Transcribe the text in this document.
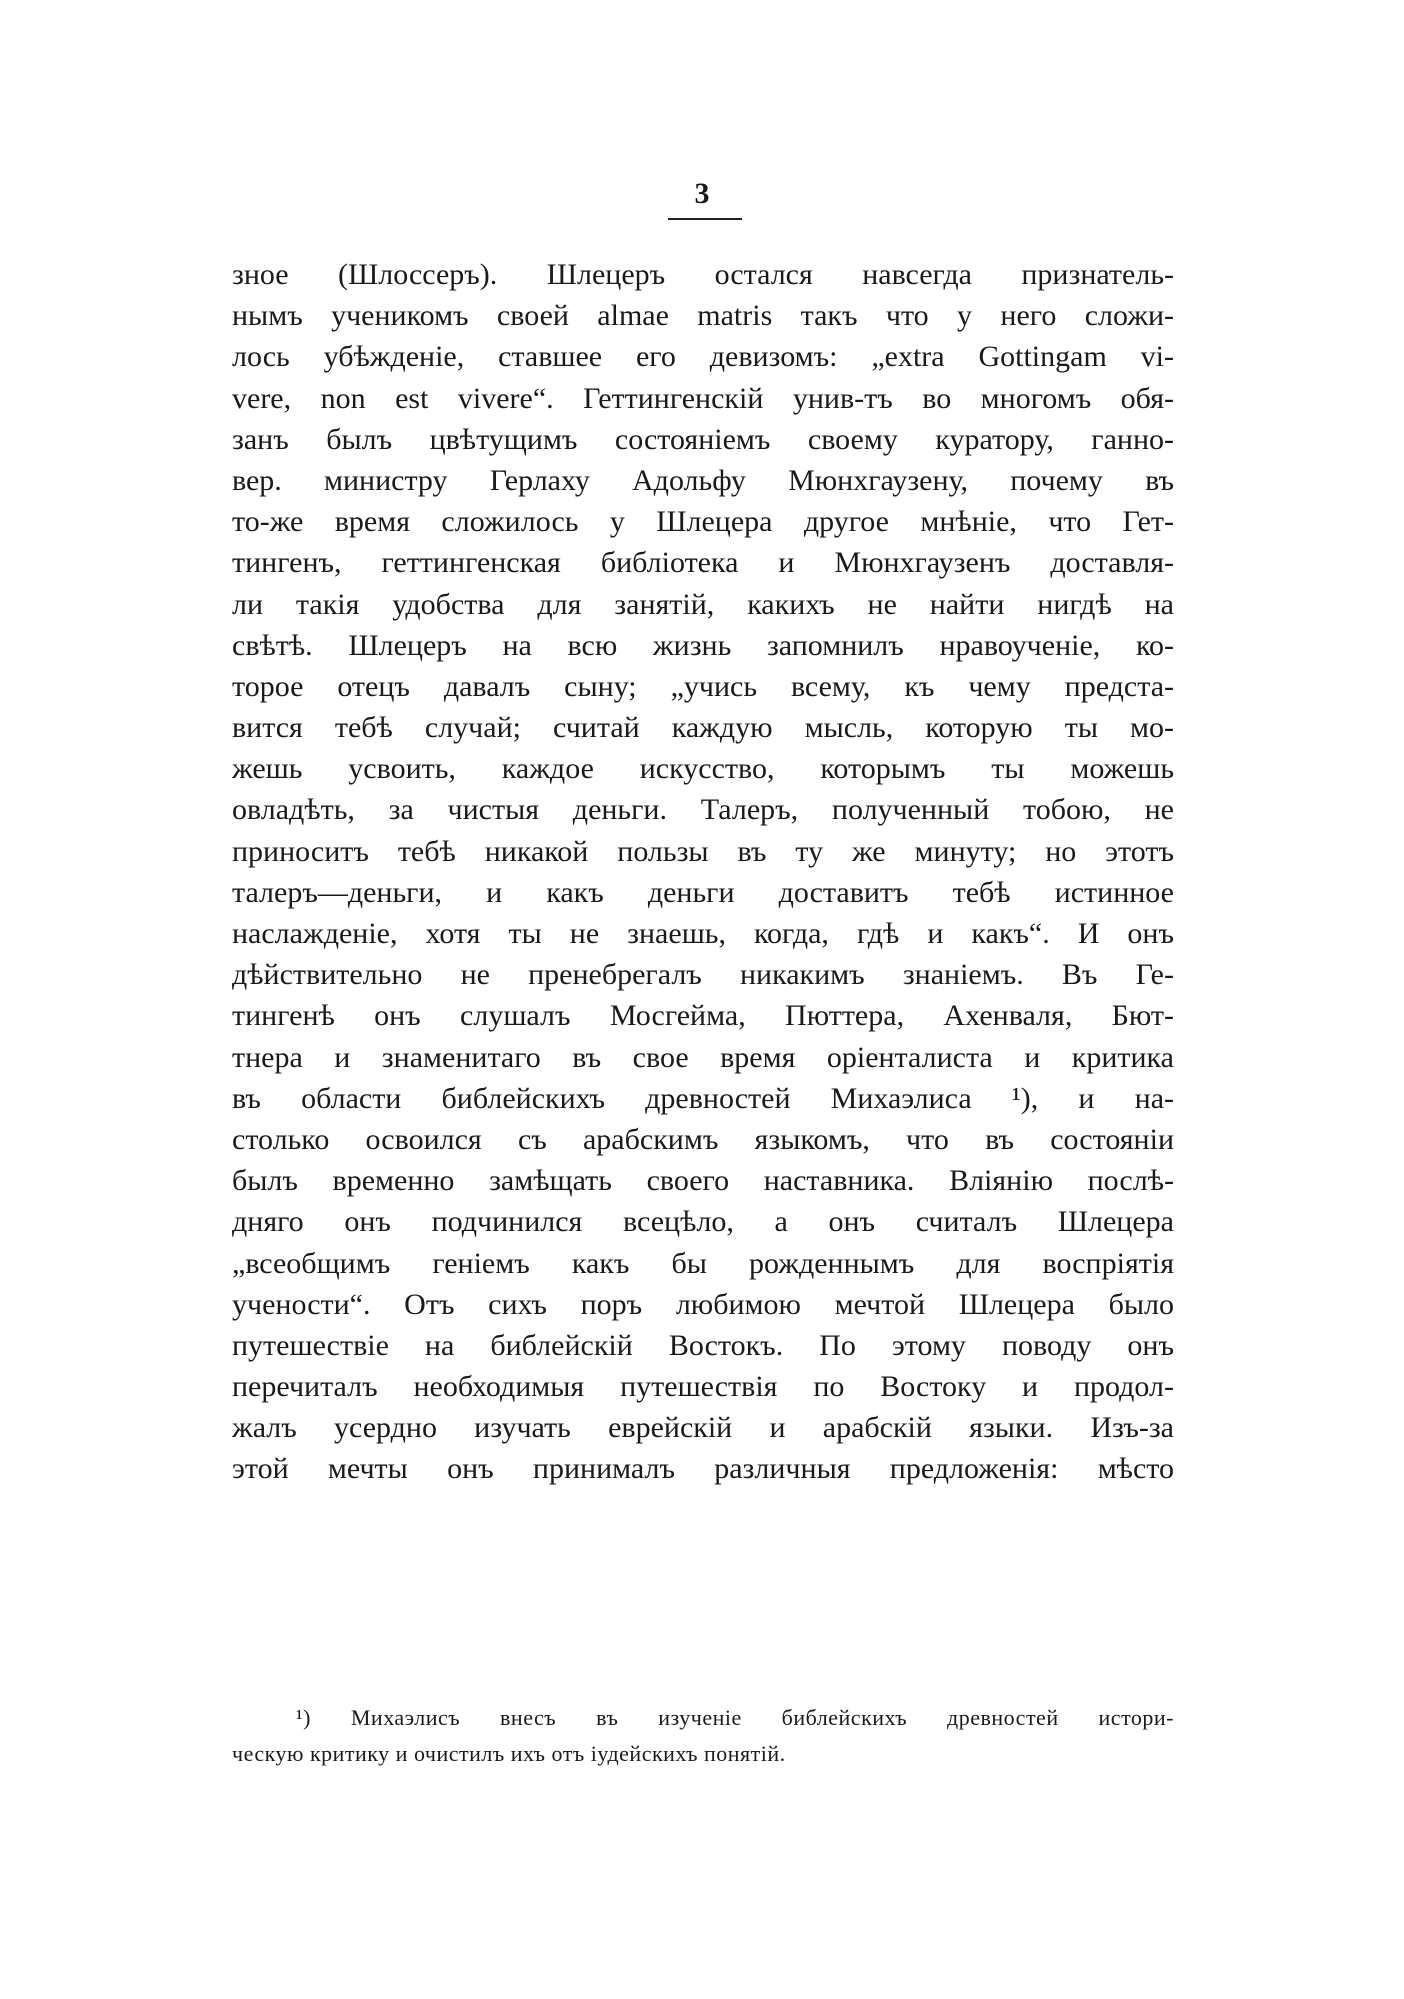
3
зное (Шлоссеръ). Шлецеръ остался навсегда признатель-
нымъ ученикомъ своей almae matris такъ что у него сложи-
лось убѣжденіе, ставшее его девизомъ: „extra Gottingam vi-
vere, non est vivere“. Геттингенскій унив-тъ во многомъ обя-
занъ былъ цвѣтущимъ состояніемъ своему куратору, ганно-
вер. министру Герлаху Адольфу Мюнхгаузену, почему въ
то-же время сложилось у Шлецера другое мнѣніе, что Гет-
тингенъ, геттингенская библіотека и Мюнхгаузенъ доставля-
ли такія удобства для занятій, какихъ не найти нигдѣ на
свѣтѣ. Шлецеръ на всю жизнь запомнилъ нравоученіе, ко-
торое отецъ давалъ сыну; „учись всему, къ чему предста-
вится тебѣ случай; считай каждую мысль, которую ты мо-
жешь усвоить, каждое искусство, которымъ ты можешь
овладѣть, за чистыя деньги. Талеръ, полученный тобою, не
приноситъ тебѣ никакой пользы въ ту же минуту; но этотъ
талеръ—деньги, и какъ деньги доставитъ тебѣ истинное
наслажденіе, хотя ты не знаешь, когда, гдѣ и какъ“. И онъ
дѣйствительно не пренебрегалъ никакимъ знаніемъ. Въ Ге-
тингенѣ онъ слушалъ Мосгейма, Пюттера, Ахенваля, Бют-
тнера и знаменитаго въ свое время оріенталиста и критика
въ области библейскихъ древностей Михаэлиса ¹), и на-
столько освоился съ арабскимъ языкомъ, что въ состояніи
былъ временно замѣщать своего наставника. Вліянію послѣ-
дняго онъ подчинился всецѣло, а онъ считалъ Шлецера
„всеобщимъ геніемъ какъ бы рожденнымъ для воспріятія
учености“. Отъ сихъ поръ любимою мечтой Шлецера было
путешествіе на библейскій Востокъ. По этому поводу онъ
перечиталъ необходимыя путешествія по Востоку и продол-
жалъ усердно изучать еврейскій и арабскій языки. Изъ-за
этой мечты онъ принималъ различныя предложенія: мѣсто
¹) Михаэлисъ внесъ въ изученіе библейскихъ древностей истори-
ческую критику и очистилъ ихъ отъ іудейскихъ понятій.
